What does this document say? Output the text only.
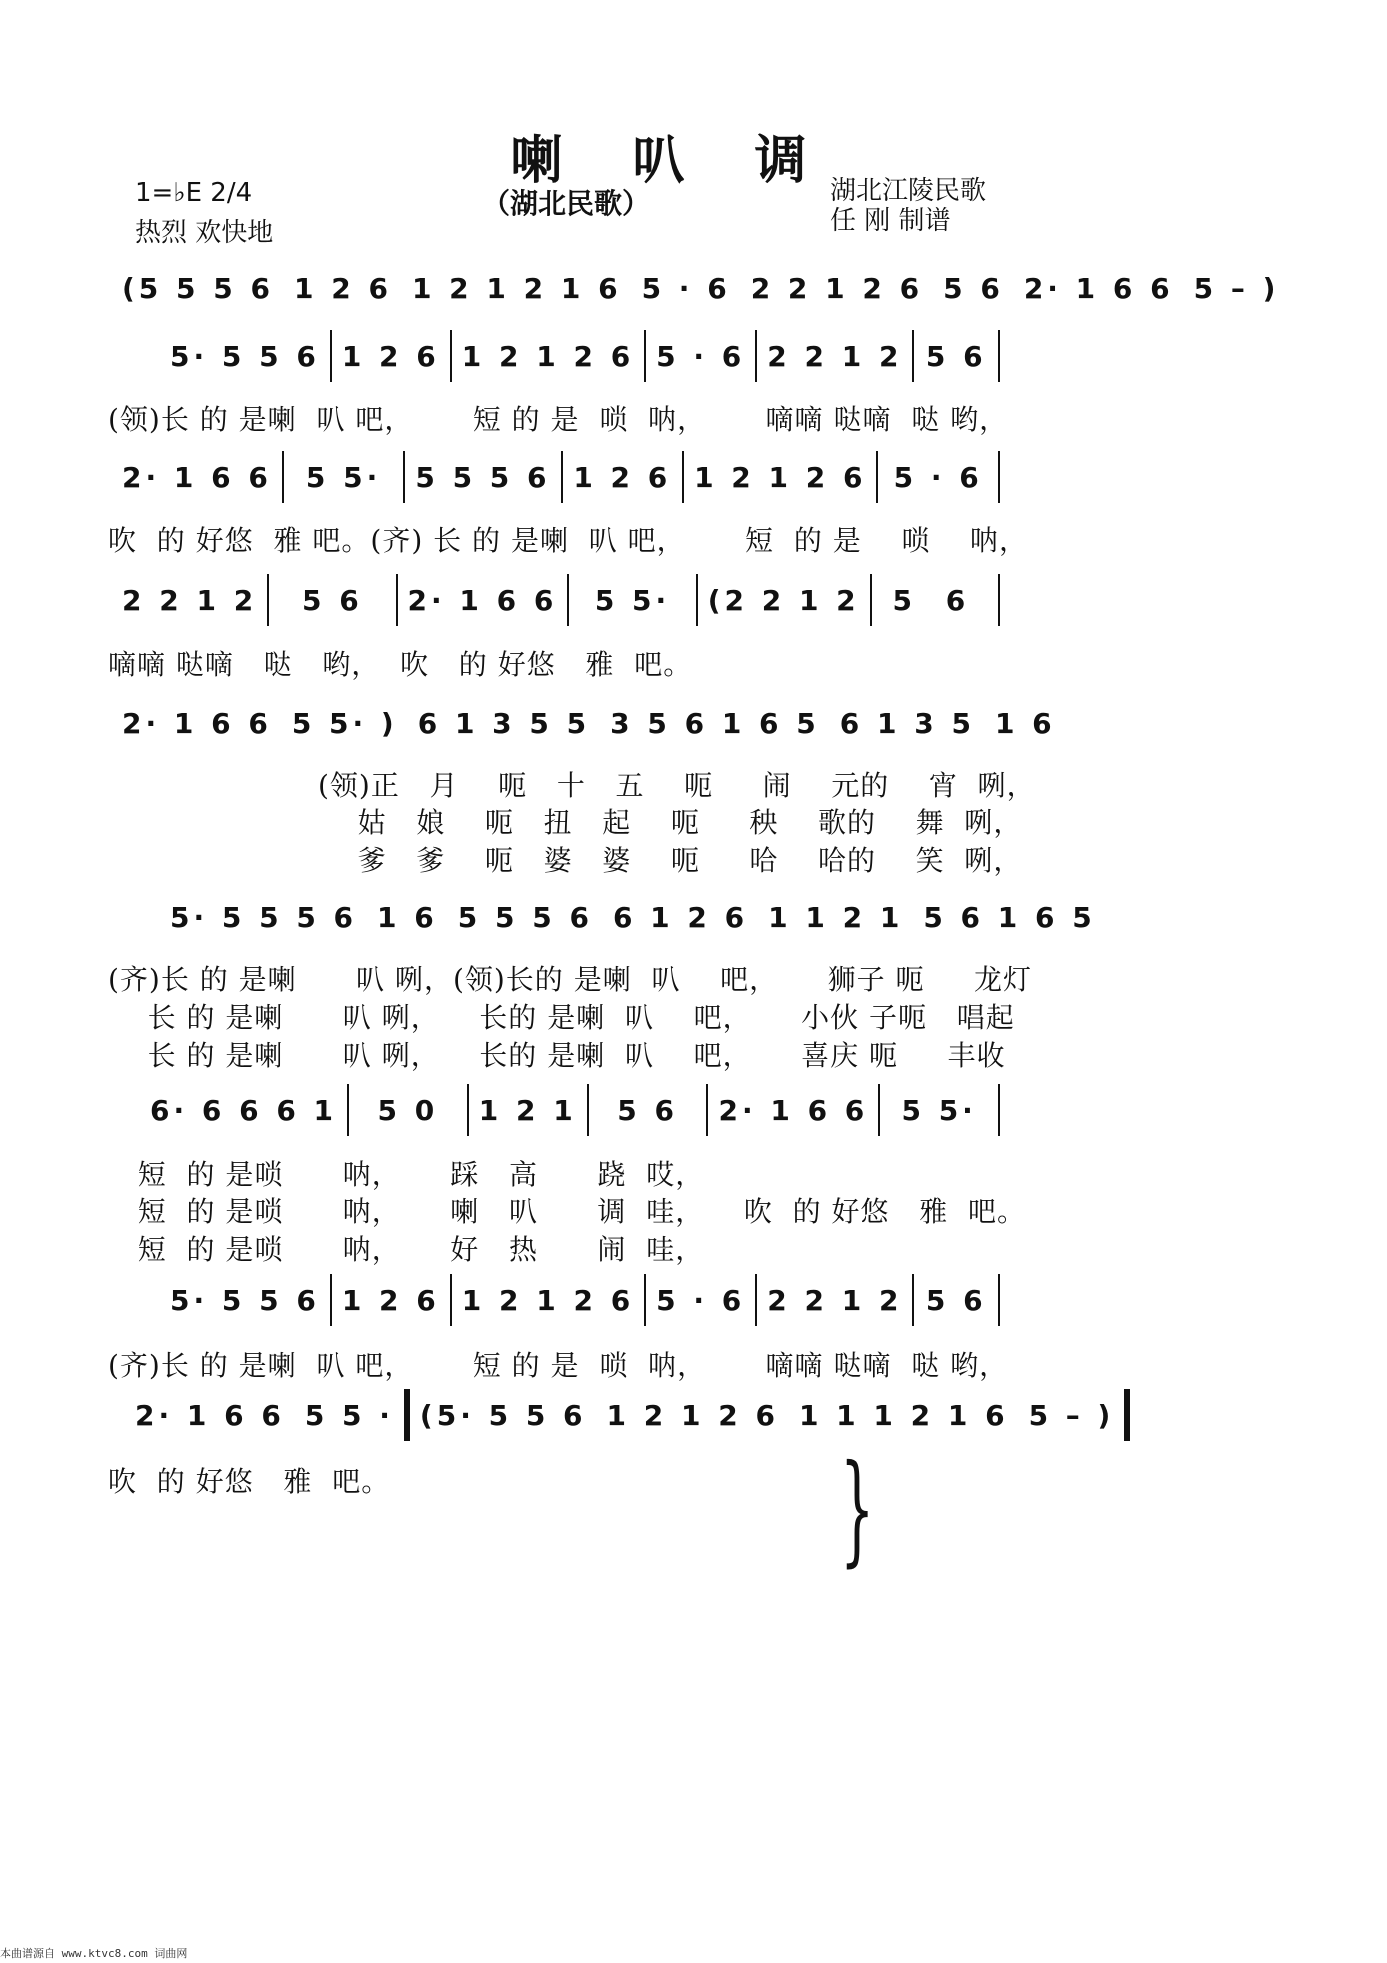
喇叭调
1=♭E 2/4
热烈 欢快地
（湖北民歌）	湖北江陵民歌
任 刚 制谱
(5 5 5 6 1 2 6 1 2 1 2 1 6 5 · 6 2 2 1 2 6 5 6 2· 1 6 6 5 – )
5· 5 5 6 1 2 6 1 2 1 2 6 5 · 6 2 2 1 2 5 6
(领)长 的 是喇  叭 吧，      短 的 是  唢  呐，      嘀嘀 哒嘀  哒 哟，
2· 1 6 6	5 5·	5 5 5 6 1 2 6 1 2 1 2 6 5 · 6
吹  的 好悠  雅 吧。(齐) 长 的 是喇  叭 吧，      短  的 是    唢    呐，
2 2 1 2	5 6	2· 1 6 6	5 5·	(2 2 1 2	5 6
嘀嘀 哒嘀   哒   哟，  吹   的 好悠   雅  吧。
2· 1 6 6 5 5· ) 6 1 3 5 5 3 5 6 1 6 5 6 1 3 5 1 6
(领)正   月    呃   十   五    呃     闹    元的    宵  咧，
姑   娘    呃   扭   起    呃     秧    歌的    舞  咧，
爹   爹    呃   婆   婆    呃     哈    哈的    笑  咧，
5· 5 5 5 6 1 6 5 5 5 6 6 1 2 6 1 1 2 1 5 6 1 6 5
(齐)长 的 是喇      叭 咧，(领)长的 是喇  叭    吧，     狮子 呃     龙灯
长 的 是喇      叭 咧，    长的 是喇  叭    吧，     小伙 子呃   唱起
长 的 是喇      叭 咧，    长的 是喇  叭    吧，     喜庆 呃     丰收
6· 6 6 6 1	5 0	1 2 1	5 6	2· 1 6 6	5 5·
短  的 是唢      呐，     踩   高      跷  哎，
短  的 是唢      呐，     喇   叭      调  哇，    吹  的 好悠   雅  吧。
短  的 是唢      呐，     好   热      闹  哇，
5· 5 5 6 1 2 6 1 2 1 2 6 5 · 6 2 2 1 2 5 6
(齐)长 的 是喇  叭 吧，      短 的 是  唢  呐，      嘀嘀 哒嘀  哒 哟，
2· 1 6 6 5 5 · (5· 5 5 6 1 2 1 2 6 1 1 1 2 1 6 5 – )
吹  的 好悠   雅  吧。	}
本曲谱源自 www.ktvc8.com 词曲网
